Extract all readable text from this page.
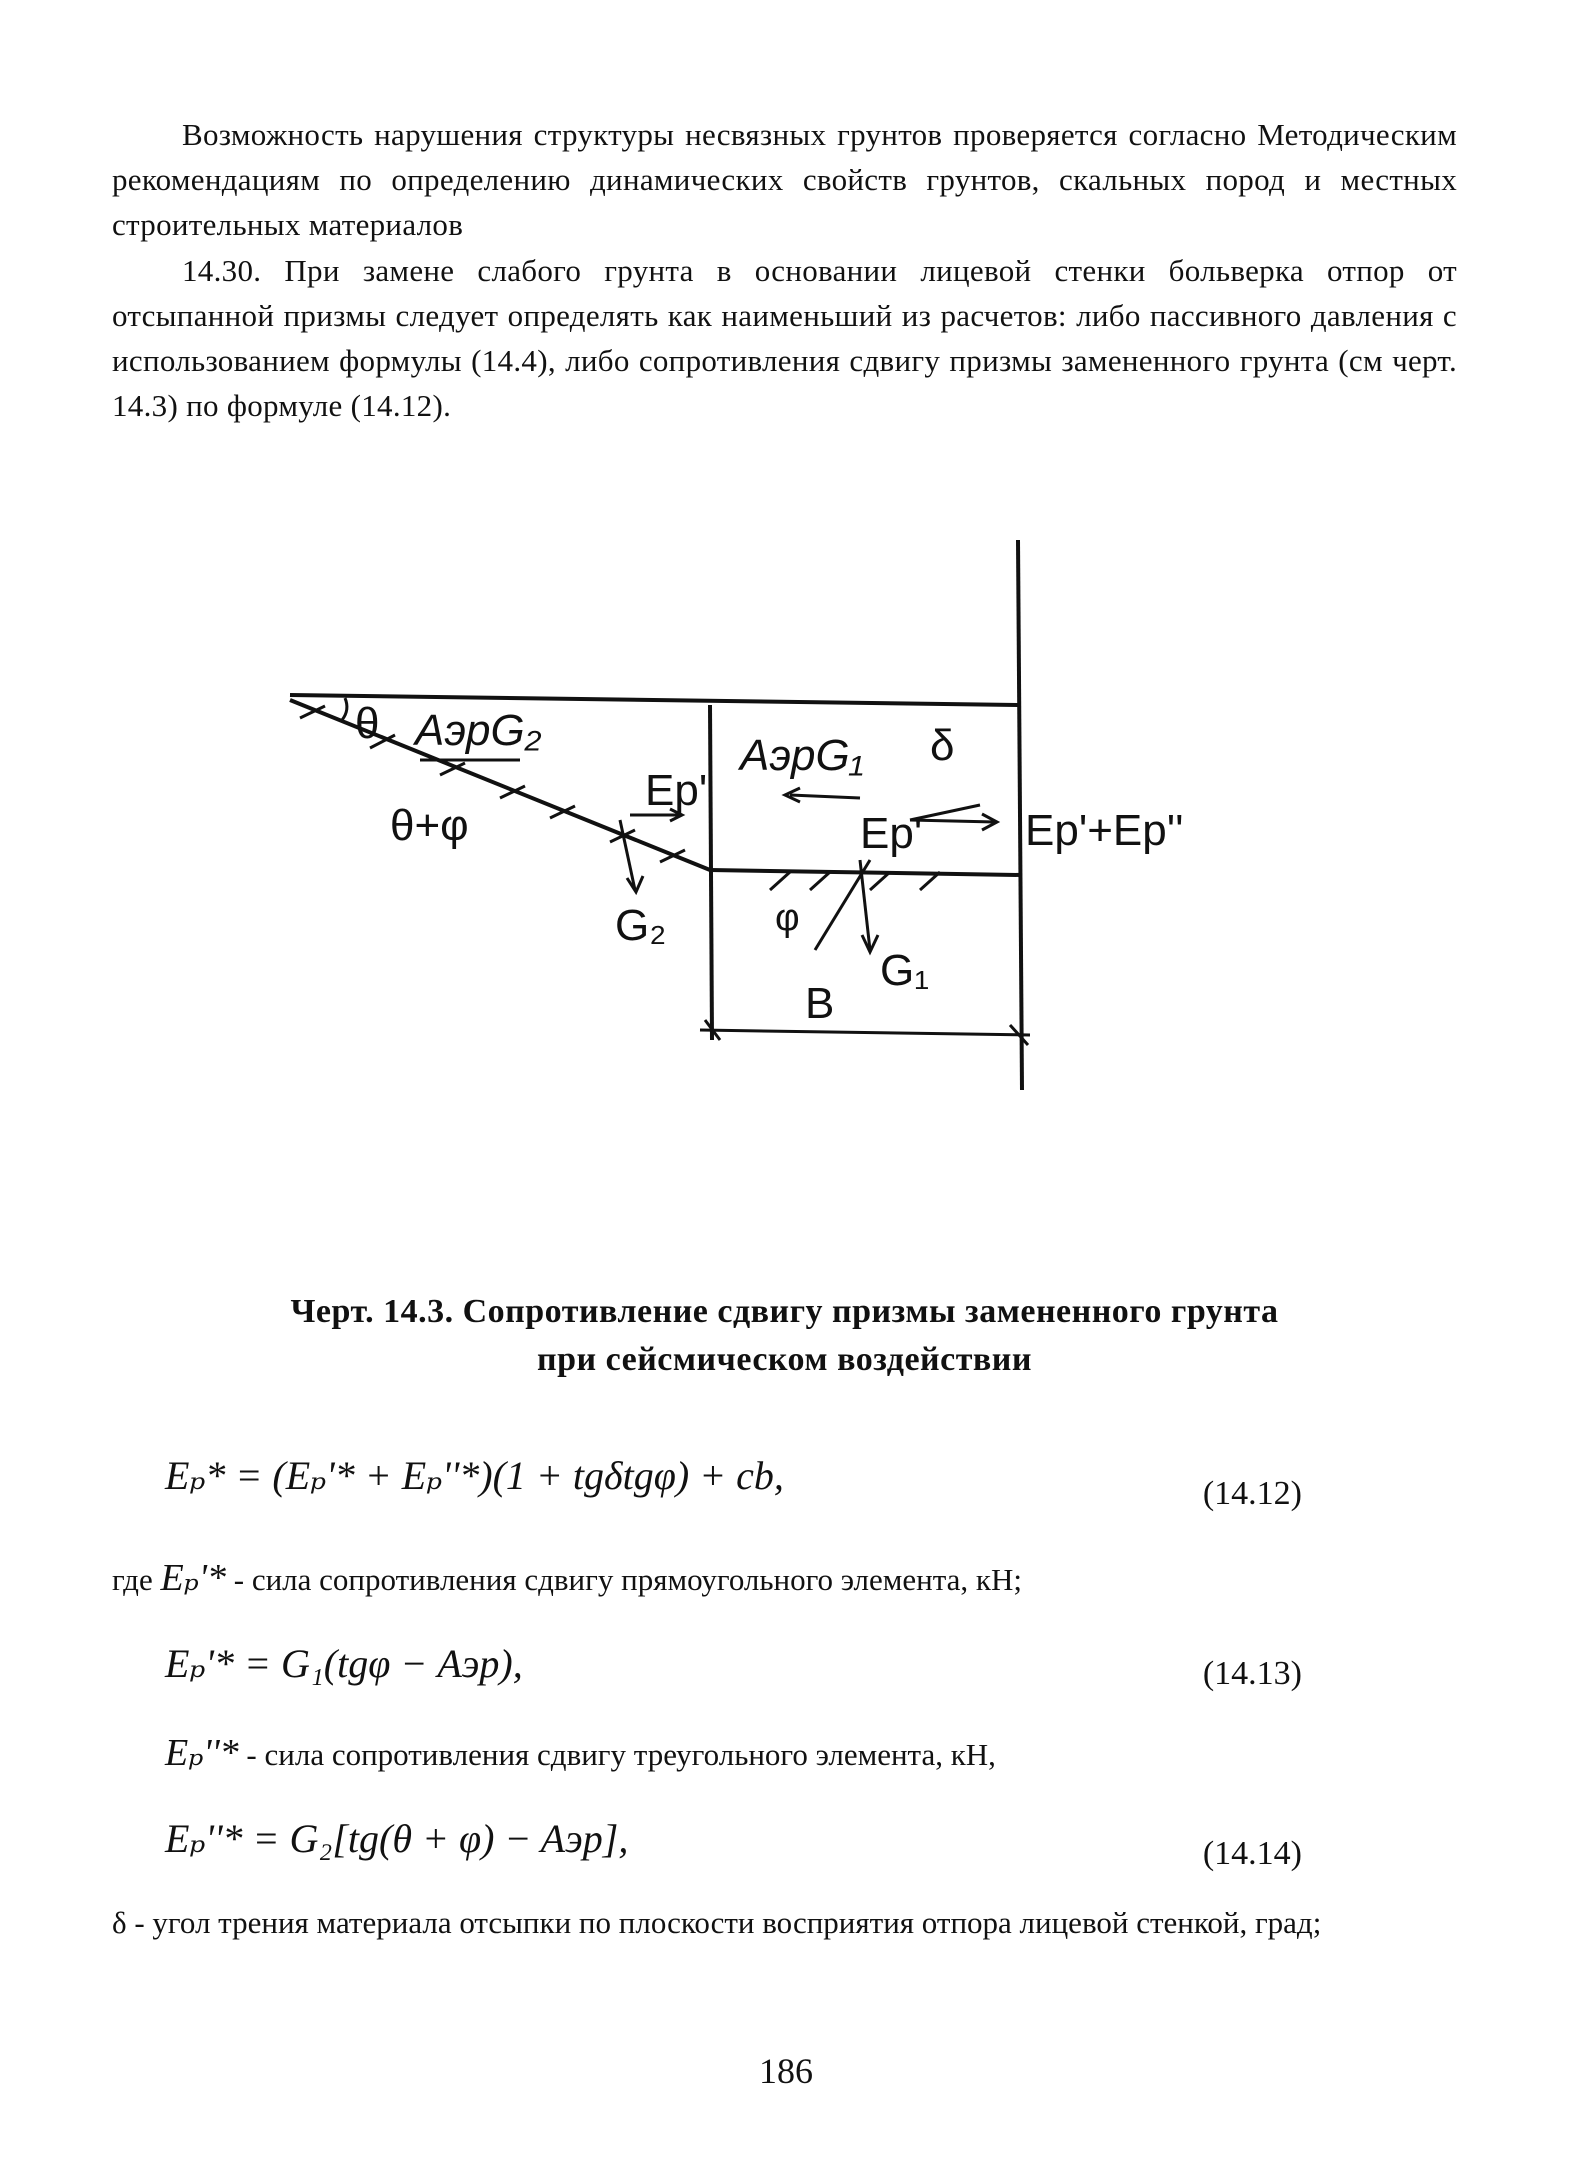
Возможность нарушения структуры несвязных грунтов проверяется согласно Методическим рекомендациям по определению динамических свойств грунтов, скальных пород и местных строительных материалов
14.30. При замене слабого грунта в основании лицевой стенки больверка отпор от отсыпанной призмы следует определять как наименьший из расчетов: либо пассивного давления с использованием формулы (14.4), либо сопротивления сдвигу призмы замененного грунта (см черт. 14.3) по формуле (14.12).
θ AэрG₂
Ep'
θ+φ
G₂
AэрG₁ δ
Ep'+Ep''
Ep'
φ
G₁
B
Черт. 14.3. Сопротивление сдвигу призмы замененного грунта
при сейсмическом воздействии
Eₚ* = (Eₚ'* + Eₚ''*)(1 + tgδtgφ) + cb,	(14.12)
где Eₚ'* - сила сопротивления сдвигу прямоугольного элемента, кН;
Eₚ'* = G₁(tgφ − Aэр),	(14.13)
Eₚ''* - сила сопротивления сдвигу треугольного элемента, кН,
Eₚ''* = G₂[tg(θ + φ) − Aэр],	(14.14)
δ - угол трения материала отсыпки по плоскости восприятия отпора лицевой стенкой, град;
186
